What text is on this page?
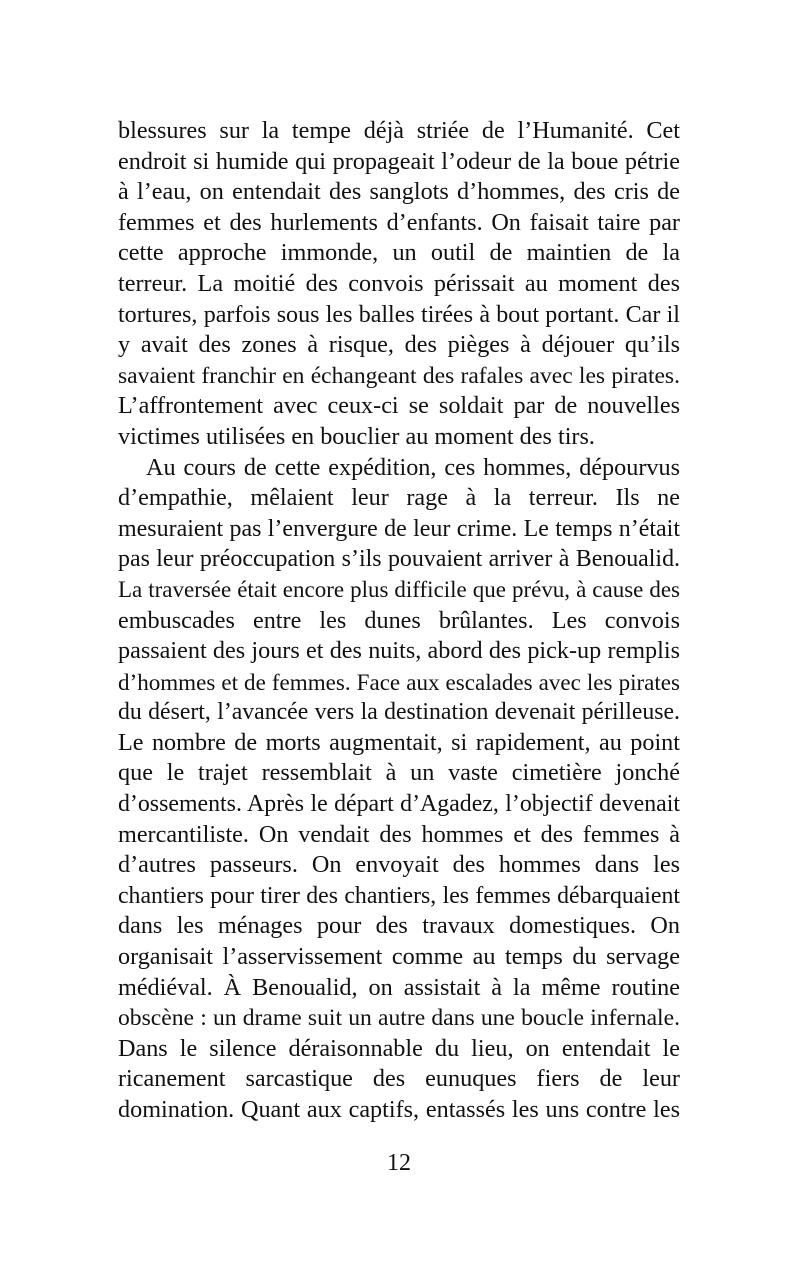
blessures sur la tempe déjà striée de l’Humanité. Cet
endroit si humide qui propageait l’odeur de la boue pétrie
à l’eau, on entendait des sanglots d’hommes, des cris de
femmes et des hurlements d’enfants. On faisait taire par
cette approche immonde, un outil de maintien de la
terreur. La moitié des convois périssait au moment des
tortures, parfois sous les balles tirées à bout portant. Car il
y avait des zones à risque, des pièges à déjouer qu’ils
savaient franchir en échangeant des rafales avec les pirates.
L’affrontement avec ceux-ci se soldait par de nouvelles
victimes utilisées en bouclier au moment des tirs.
Au cours de cette expédition, ces hommes, dépourvus
d’empathie, mêlaient leur rage à la terreur. Ils ne
mesuraient pas l’envergure de leur crime. Le temps n’était
pas leur préoccupation s’ils pouvaient arriver à Benoualid.
La traversée était encore plus difficile que prévu, à cause des
embuscades entre les dunes brûlantes. Les convois
passaient des jours et des nuits, abord des pick-up remplis
d’hommes et de femmes. Face aux escalades avec les pirates
du désert, l’avancée vers la destination devenait périlleuse.
Le nombre de morts augmentait, si rapidement, au point
que le trajet ressemblait à un vaste cimetière jonché
d’ossements. Après le départ d’Agadez, l’objectif devenait
mercantiliste. On vendait des hommes et des femmes à
d’autres passeurs. On envoyait des hommes dans les
chantiers pour tirer des chantiers, les femmes débarquaient
dans les ménages pour des travaux domestiques. On
organisait l’asservissement comme au temps du servage
médiéval. À Benoualid, on assistait à la même routine
obscène : un drame suit un autre dans une boucle infernale.
Dans le silence déraisonnable du lieu, on entendait le
ricanement sarcastique des eunuques fiers de leur
domination. Quant aux captifs, entassés les uns contre les
12
